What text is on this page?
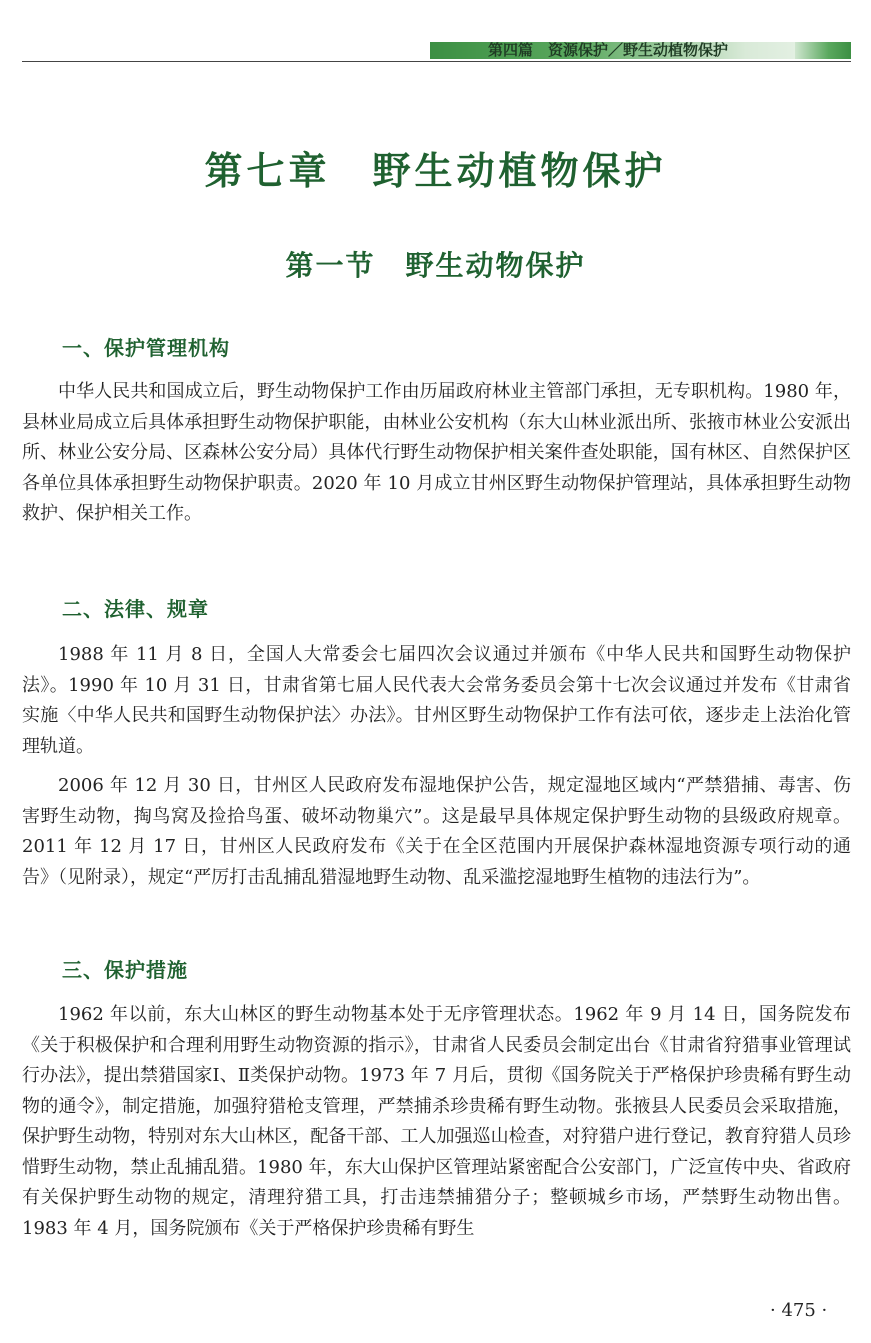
第四篇　资源保护／野生动植物保护
第七章　野生动植物保护
第一节　野生动物保护
一、保护管理机构
中华人民共和国成立后，野生动物保护工作由历届政府林业主管部门承担，无专职机构。1980 年，县林业局成立后具体承担野生动物保护职能，由林业公安机构（东大山林业派出所、张掖市林业公安派出所、林业公安分局、区森林公安分局）具体代行野生动物保护相关案件查处职能，国有林区、自然保护区各单位具体承担野生动物保护职责。2020 年 10 月成立甘州区野生动物保护管理站，具体承担野生动物救护、保护相关工作。
二、法律、规章
1988 年 11 月 8 日，全国人大常委会七届四次会议通过并颁布《中华人民共和国野生动物保护法》。1990 年 10 月 31 日，甘肃省第七届人民代表大会常务委员会第十七次会议通过并发布《甘肃省实施〈中华人民共和国野生动物保护法〉办法》。甘州区野生动物保护工作有法可依，逐步走上法治化管理轨道。
2006 年 12 月 30 日，甘州区人民政府发布湿地保护公告，规定湿地区域内“严禁猎捕、毒害、伤害野生动物，掏鸟窝及捡拾鸟蛋、破坏动物巢穴”。这是最早具体规定保护野生动物的县级政府规章。2011 年 12 月 17 日，甘州区人民政府发布《关于在全区范围内开展保护森林湿地资源专项行动的通告》（见附录），规定“严厉打击乱捕乱猎湿地野生动物、乱采滥挖湿地野生植物的违法行为”。
三、保护措施
1962 年以前，东大山林区的野生动物基本处于无序管理状态。1962 年 9 月 14 日，国务院发布《关于积极保护和合理利用野生动物资源的指示》，甘肃省人民委员会制定出台《甘肃省狩猎事业管理试行办法》，提出禁猎国家Ⅰ、Ⅱ类保护动物。1973 年 7 月后，贯彻《国务院关于严格保护珍贵稀有野生动物的通令》，制定措施，加强狩猎枪支管理，严禁捕杀珍贵稀有野生动物。张掖县人民委员会采取措施，保护野生动物，特别对东大山林区，配备干部、工人加强巡山检查，对狩猎户进行登记，教育狩猎人员珍惜野生动物，禁止乱捕乱猎。1980 年，东大山保护区管理站紧密配合公安部门，广泛宣传中央、省政府有关保护野生动物的规定，清理狩猎工具，打击违禁捕猎分子；整顿城乡市场，严禁野生动物出售。1983 年 4 月，国务院颁布《关于严格保护珍贵稀有野生
· 475 ·
